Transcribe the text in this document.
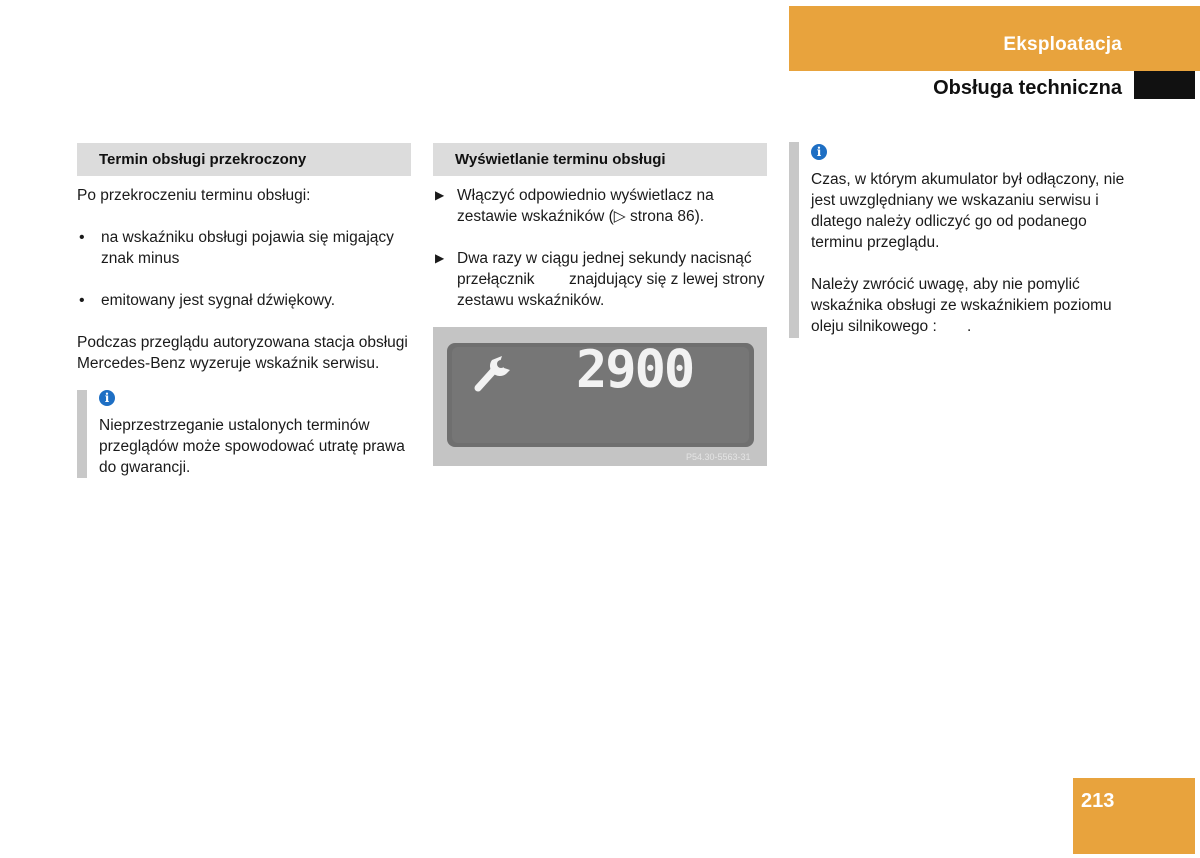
Eksploatacja
Obsługa techniczna
Termin obsługi przekroczony
Po przekroczeniu terminu obsługi:
• na wskaźniku obsługi pojawia się migający znak minus
• emitowany jest sygnał dźwiękowy.
Podczas przeglądu autoryzowana stacja obsługi Mercedes-Benz wyzeruje wskaźnik serwisu.
i
Nieprzestrzeganie ustalonych terminów przeglądów może spowodować utratę prawa do gwarancji.
Wyświetlanie terminu obsługi
▶ Włączyć odpowiednio wyświetlacz na zestawie wskaźników (▷ strona 86).
▶ Dwa razy w ciągu jednej sekundy nacisnąć przełącznik        znajdujący się z lewej strony zestawu wskaźników.
2900
P54.30-5563-31
i
Czas, w którym akumulator był odłączony, nie jest uwzględniany we wskazaniu serwisu i dlatego należy odliczyć go od podanego terminu przeglądu.
Należy zwrócić uwagę, aby nie pomylić wskaźnika obsługi ze wskaźnikiem poziomu oleju silnikowego :       .
213
